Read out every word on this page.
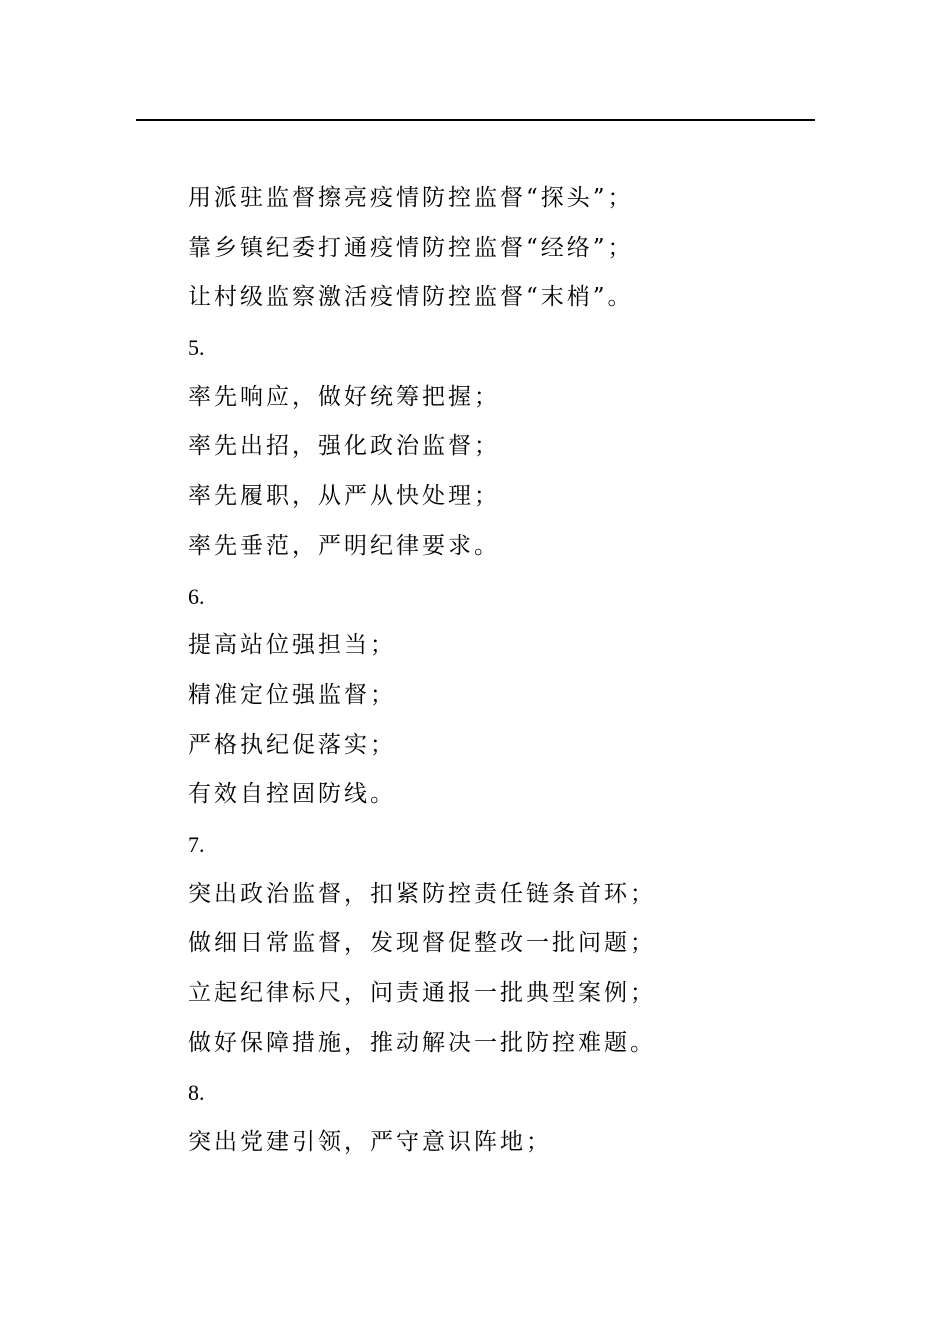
用派驻监督擦亮疫情防控监督“探头”；
靠乡镇纪委打通疫情防控监督“经络”；
让村级监察激活疫情防控监督“末梢”。
5.
率先响应，做好统筹把握；
率先出招，强化政治监督；
率先履职，从严从快处理；
率先垂范，严明纪律要求。
6.
提高站位强担当；
精准定位强监督；
严格执纪促落实；
有效自控固防线。
7.
突出政治监督，扣紧防控责任链条首环；
做细日常监督，发现督促整改一批问题；
立起纪律标尺，问责通报一批典型案例；
做好保障措施，推动解决一批防控难题。
8.
突出党建引领，严守意识阵地；
